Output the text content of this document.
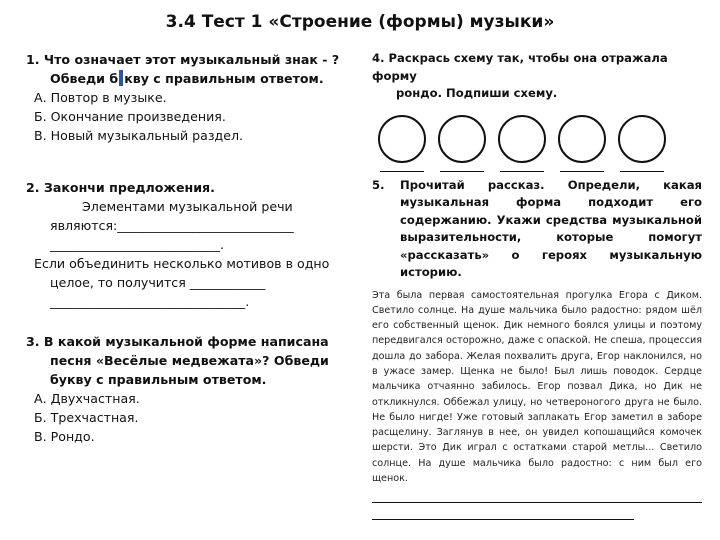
3.4 Тест 1 «Строение (формы) музыки»
1. Что означает этот музыкальный знак - ?
Обведи б кву с правильным ответом.
А. Повтор в музыке.
Б. Окончание произведения.
В. Новый музыкальный раздел.
2. Закончи предложения.
Элементами музыкальной речи
являются:____________________________
___________________________.
Если объединить несколько мотивов в одно
целое, то получится ____________
_______________________________.
3. В какой музыкальной форме написана
песня «Весёлые медвежата»? Обведи
букву с правильным ответом.
А. Двухчастная.
Б. Трехчастная.
В. Рондо.
4. Раскрась схему так, чтобы она отражала форму
рондо. Подпиши схему.
5.	Прочитай рассказ. Определи, какая музыкальная форма подходит его содержанию. Укажи средства музыкальной выразительности, которые помогут «рассказать» о героях музыкальную историю.
Эта была первая самостоятельная прогулка Егора с Диком. Светило солнце. На душе мальчика было радостно: рядом шёл его собственный щенок. Дик немного боялся улицы и поэтому передвигался осторожно, даже с опаской. Не спеша, процессия дошла до забора. Желая похвалить друга, Егор наклонился, но в ужасе замер. Щенка не было! Был лишь поводок. Сердце мальчика отчаянно забилось. Егор позвал Дика, но Дик не откликнулся. Оббежал улицу, но четвероногого друга не было. Не было нигде! Уже готовый заплакать Егор заметил в заборе расщелину. Заглянув в нее, он увидел копошащийся комочек шерсти. Это Дик играл с остатками старой метлы... Светило солнце. На душе мальчика было радостно: с ним был его щенок.
